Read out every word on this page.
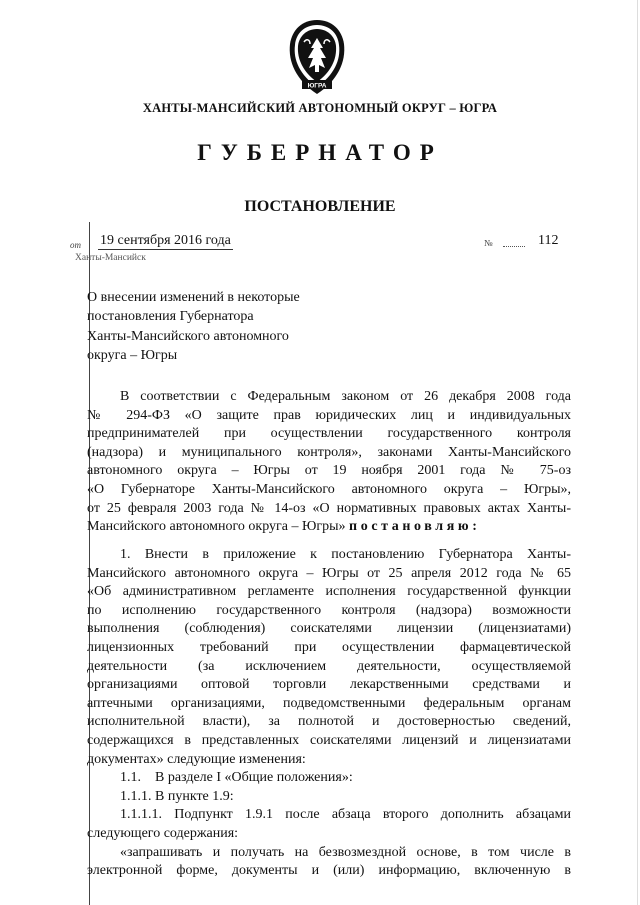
ЮГРА
ХАНТЫ-МАНСИЙСКИЙ АВТОНОМНЫЙ ОКРУГ – ЮГРА
ГУБЕРНАТОР
ПОСТАНОВЛЕНИЕ
от 19 сентября 2016 года	№	112
Ханты-Мансийск
О внесении изменений в некоторые
постановления Губернатора
Ханты-Мансийского автономного
округа – Югры
В соответствии с Федеральным законом от 26 декабря 2008 года
№ 294-ФЗ «О защите прав юридических лиц и индивидуальных
предпринимателей при осуществлении государственного контроля
(надзора) и муниципального контроля», законами Ханты-Мансийского
автономного округа – Югры от 19 ноября 2001 года № 75-оз
«О Губернаторе Ханты-Мансийского автономного округа – Югры»,
от 25 февраля 2003 года № 14-оз «О нормативных правовых актах Ханты-
Мансийского автономного округа – Югры» постановляю:
1. Внести в приложение к постановлению Губернатора Ханты-
Мансийского автономного округа – Югры от 25 апреля 2012 года № 65
«Об административном регламенте исполнения государственной функции
по исполнению государственного контроля (надзора) возможности
выполнения (соблюдения) соискателями лицензии (лицензиатами)
лицензионных требований при осуществлении фармацевтической
деятельности (за исключением деятельности, осуществляемой
организациями оптовой торговли лекарственными средствами и
аптечными организациями, подведомственными федеральным органам
исполнительной власти), за полнотой и достоверностью сведений,
содержащихся в представленных соискателями лицензий и лицензиатами
документах» следующие изменения:
1.1.    В разделе I «Общие положения»:
1.1.1. В пункте 1.9:
1.1.1.1. Подпункт 1.9.1 после абзаца второго дополнить абзацами
следующего содержания:
«запрашивать и получать на безвозмездной основе, в том числе в
электронной форме, документы и (или) информацию, включенную в
